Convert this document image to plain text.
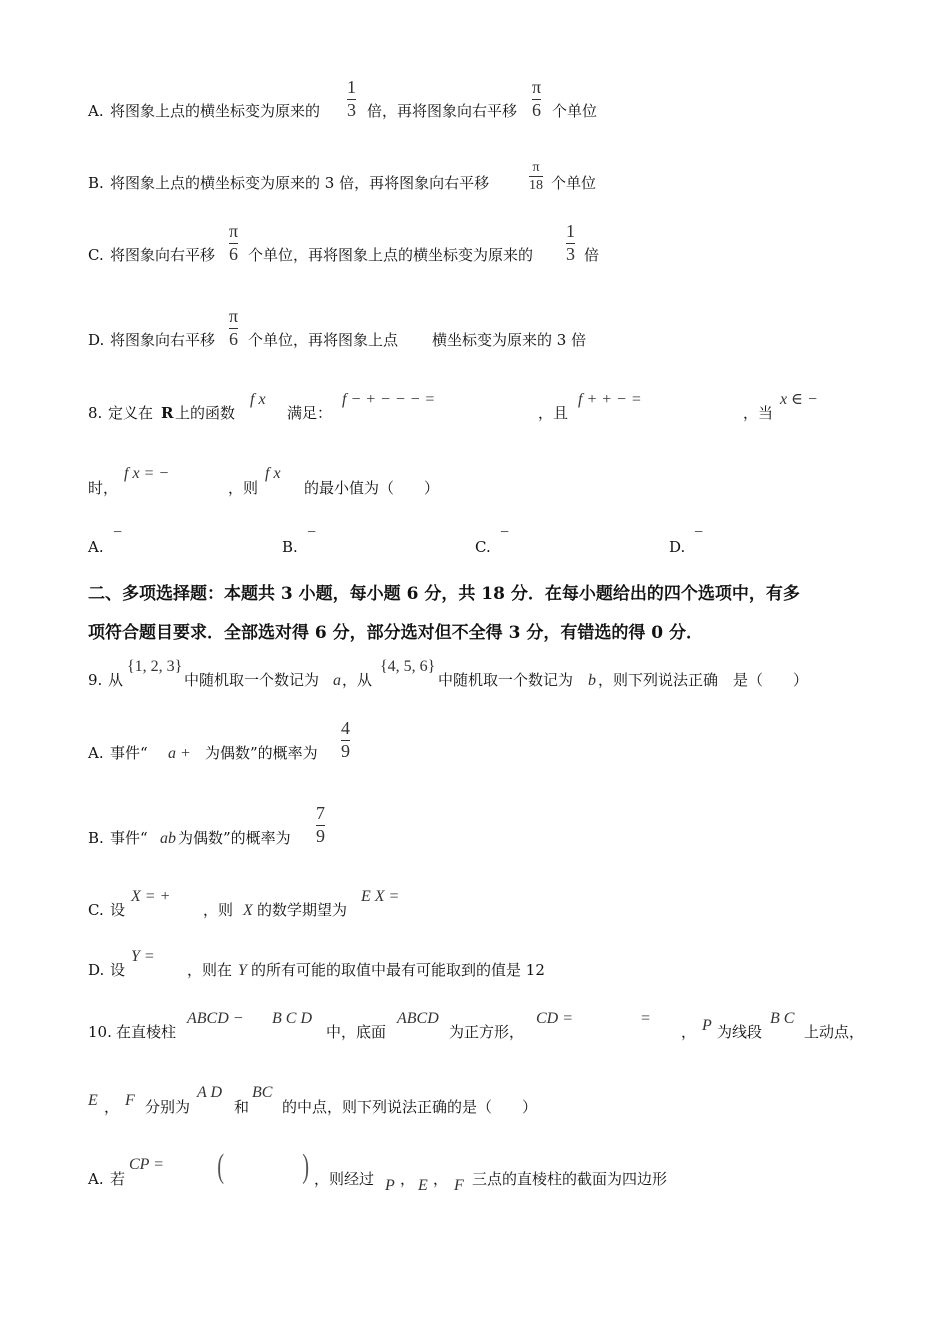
A. 将图象上点的横坐标变为原来的
1
3 倍，再将图象向右平移
π
6 个单位
B. 将图象上点的横坐标变为原来的 3 倍，再将图象向右平移
π
18 个单位
C. 将图象向右平移
π
6 个单位，再将图象上点的横坐标变为原来的
1
3 倍
D. 将图象向右平移
π
6 个单位，再将图象上点 横坐标变为原来的 3 倍
8. 定义在 R 上的函数
f x
满足：
f − + − − − =
，且
f + + − =
，当
x ∈ −
时，
f x = −
，则
f x
的最小值为（　　）
A.
−
B.
−
C.
−
D.
−
二、多项选择题：本题共 3 小题，每小题 6 分，共 18 分．在每小题给出的四个选项中，有多
项符合题目要求．全部选对得 6 分，部分选对但不全得 3 分，有错选的得 0 分．
9. 从
{1, 2, 3}
中随机取一个数记为 a ，从
{4, 5, 6}
中随机取一个数记为 b ，则下列说法正确　是（　　）
A. 事件“ a + 为偶数”的概率为
4
9
B. 事件“ ab 为偶数”的概率为
7
9
C. 设
X = +
，则 X 的数学期望为
E X =
D. 设
Y =
，则在 Y 的所有可能的取值中最有可能取到的值是 12
10. 在直棱柱
ABCD − B C D
中，底面
ABCD
为正方形，
CD =	=
， P 为线段
B C
上动点，
E ， F 分别为
A D
和
BC
的中点，则下列说法正确的是（　　）
A. 若
CP = ( ) ，则经过 P ， E ， F 三点的直棱柱的截面为四边形
